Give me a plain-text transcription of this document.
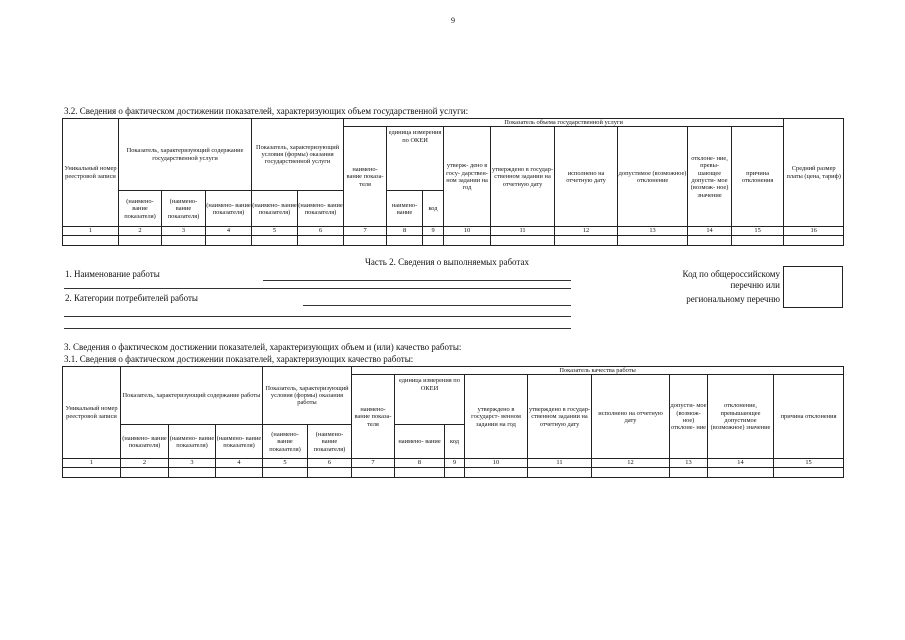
9
3.2. Сведения о фактическом достижении показателей, характеризующих объем государственной услуги:
Уникальный номер реестровой записи	Показатель, характеризующий содержание государственной услуги			Показатель, характеризующий условия (формы) оказания государственной услуги		Показатель объема государственной услуги									Средний размер платы (цена, тариф)
						наимено- вание показа- теля	единица измерения по ОКЕИ		утверж- дено в госу- дарствен- ном задании на год	утверждено в государ- ственном задании на отчетную дату	исполнено на отчетную дату	допустимое (возможное) отклонение	отклоне- ние, превы- шающее допусти- мое (возмож- ное) значение	причина отклонения	
	(наимено- вание показателя)	(наимено- вание показателя)	(наимено- вание показателя)	(наимено- вание показателя)	(наимено- вание показателя)		наимено- вание	код							
1	2	3	4	5	6	7	8	9	10	11	12	13	14	15	16

Часть 2. Сведения о выполняемых работах
1. Наименование работы
2. Категории потребителей работы
Код по общероссийскому
перечню или
региональному перечню
3. Сведения о фактическом достижении показателей, характеризующих объем и (или) качество работы:
3.1. Сведения о фактическом достижении показателей, характеризующих качество работы:
Уникальный номер реестровой записи	Показатель, характеризующий содержание работы			Показатель, характеризующий условия (формы) оказания работы		Показатель качества работы								
						наимено- вание показа- теля	единица измерения по ОКЕИ		утверждено в государст- венном задании на год	утверждено в государ- ственном задании на отчетную дату	исполнено на отчетную дату	допусти- мое (возмож- ное) отклоне- ние	отклонение, превышающее допустимое (возможное) значение	причина отклонения
	(наимено- вание показателя)	(наимено- вание показателя)	(наимено- вание показателя)	(наимено- вание показателя)	(наимено- вание показателя)		наимено- вание	код						
1	2	3	4	5	6	7	8	9	10	11	12	13	14	15
